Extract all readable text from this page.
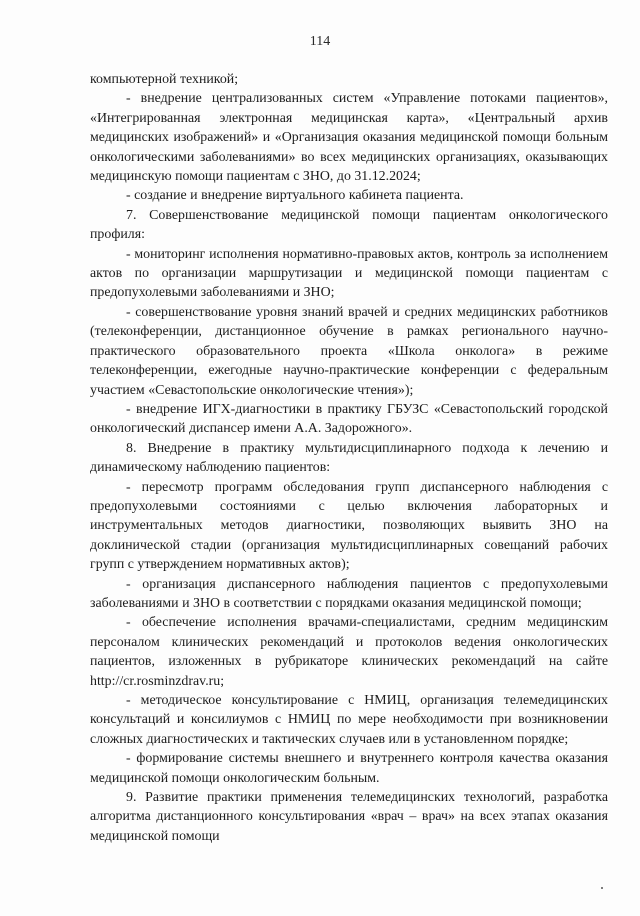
114

компьютерной техникой;

- внедрение централизованных систем «Управление потоками пациентов», «Интегрированная электронная медицинская карта», «Центральный архив медицинских изображений» и «Организация оказания медицинской помощи больным онкологическими заболеваниями» во всех медицинских организациях, оказывающих медицинскую помощи пациентам с ЗНО, до 31.12.2024;

- создание и внедрение виртуального кабинета пациента.

7. Совершенствование медицинской помощи пациентам онкологического профиля:

- мониторинг исполнения нормативно-правовых актов, контроль за исполнением актов по организации маршрутизации и медицинской помощи пациентам с предопухолевыми заболеваниями и ЗНО;

- совершенствование уровня знаний врачей и средних медицинских работников (телеконференции, дистанционное обучение в рамках регионального научно-практического образовательного проекта «Школа онколога» в режиме телеконференции, ежегодные научно-практические конференции с федеральным участием «Севастопольские онкологические чтения»);

- внедрение ИГХ-диагностики в практику ГБУЗС «Севастопольский городской онкологический диспансер имени А.А. Задорожного».

8. Внедрение в практику мультидисциплинарного подхода к лечению и динамическому наблюдению пациентов:

- пересмотр программ обследования групп диспансерного наблюдения с предопухолевыми состояниями с целью включения лабораторных и инструментальных методов диагностики, позволяющих выявить ЗНО на доклинической стадии (организация мультидисциплинарных совещаний рабочих групп с утверждением нормативных актов);

- организация диспансерного наблюдения пациентов с предопухолевыми заболеваниями и ЗНО в соответствии с порядками оказания медицинской помощи;

- обеспечение исполнения врачами-специалистами, средним медицинским персоналом клинических рекомендаций и протоколов ведения онкологических пациентов, изложенных в рубрикаторе клинических рекомендаций на сайте http://cr.rosminzdrav.ru;

- методическое консультирование с НМИЦ, организация телемедицинских консультаций и консилиумов с НМИЦ по мере необходимости при возникновении сложных диагностических и тактических случаев или в установленном порядке;

- формирование системы внешнего и внутреннего контроля качества оказания медицинской помощи онкологическим больным.

9. Развитие практики применения телемедицинских технологий, разработка алгоритма дистанционного консультирования «врач – врач» на всех этапах оказания медицинской помощи
